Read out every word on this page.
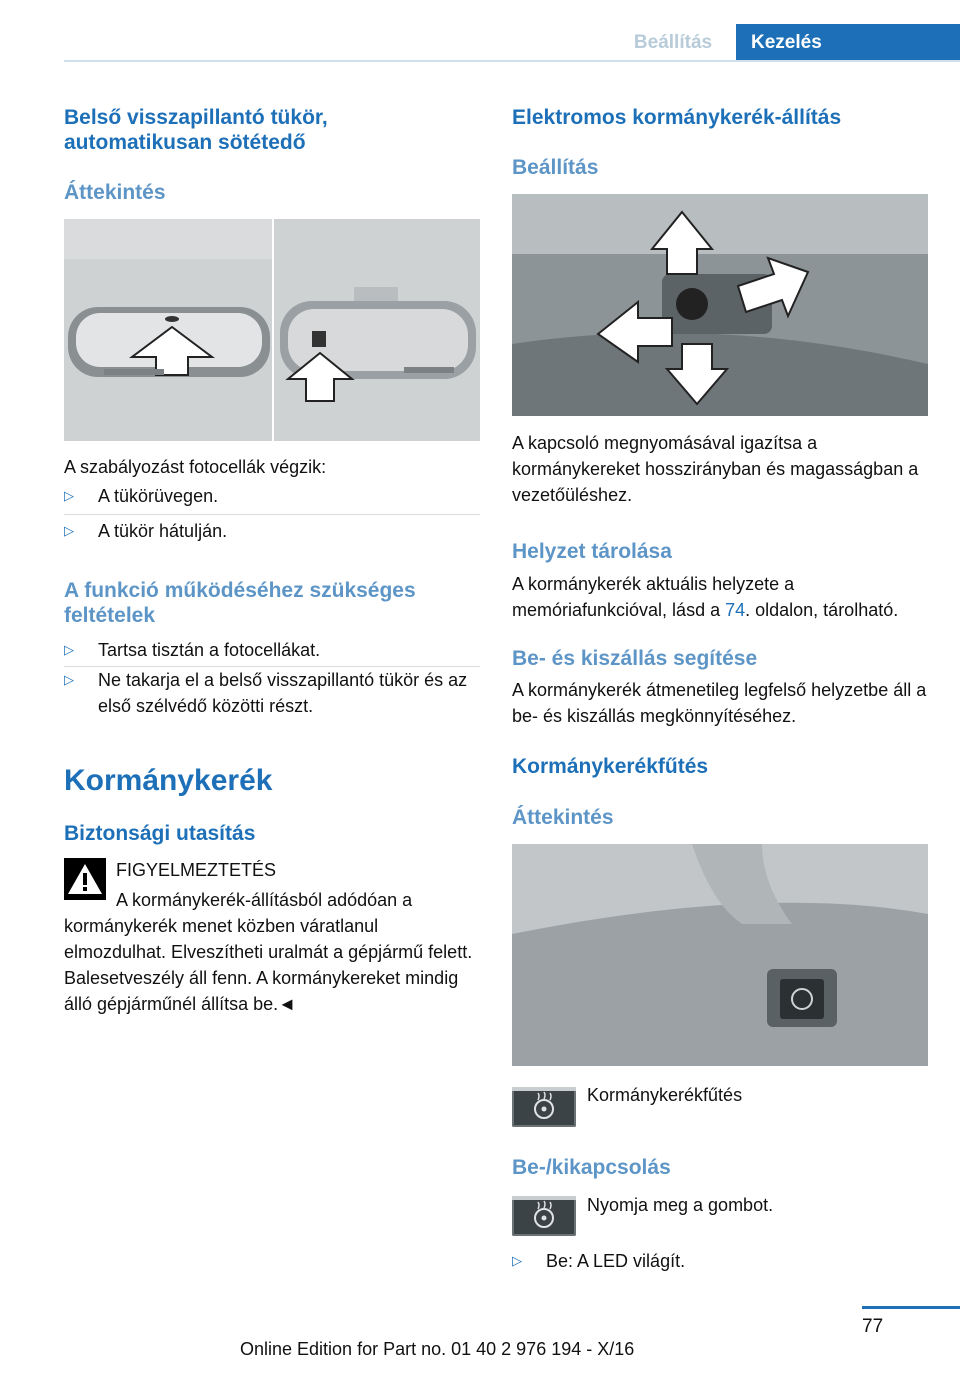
Beállítás	Kezelés
Belső visszapillantó tükör, automatikusan sötétedő
Áttekintés
A szabályozást fotocellák végzik:
▷ A tükörüvegen.
▷ A tükör hátulján.
A funkció működéséhez szükséges feltételek
▷ Tartsa tisztán a fotocellákat.
▷ Ne takarja el a belső visszapillantó tükör és az első szélvédő közötti részt.
Kormánykerék
Biztonsági utasítás
FIGYELMEZTETÉS
A kormánykerék-állításból adódóan a kormánykerék menet közben váratlanul elmozdulhat. Elveszítheti uralmát a gépjármű felett. Balesetveszély áll fenn. A kormánykereket mindig álló gépjárműnél állítsa be.◄
Elektromos kormánykerék-állítás
Beállítás
A kapcsoló megnyomásával igazítsa a kormánykereket hosszirányban és magasságban a vezetőüléshez.
Helyzet tárolása
A kormánykerék aktuális helyzete a memóriafunkcióval, lásd a 74. oldalon, tárolható.
Be- és kiszállás segítése
A kormánykerék átmenetileg legfelső helyzetbe áll a be- és kiszállás megkönnyítéséhez.
Kormánykerékfűtés
Áttekintés
Kormánykerékfűtés
Be-/kikapcsolás
Nyomja meg a gombot.
▷ Be: A LED világít.
77
Online Edition for Part no. 01 40 2 976 194 - X/16
